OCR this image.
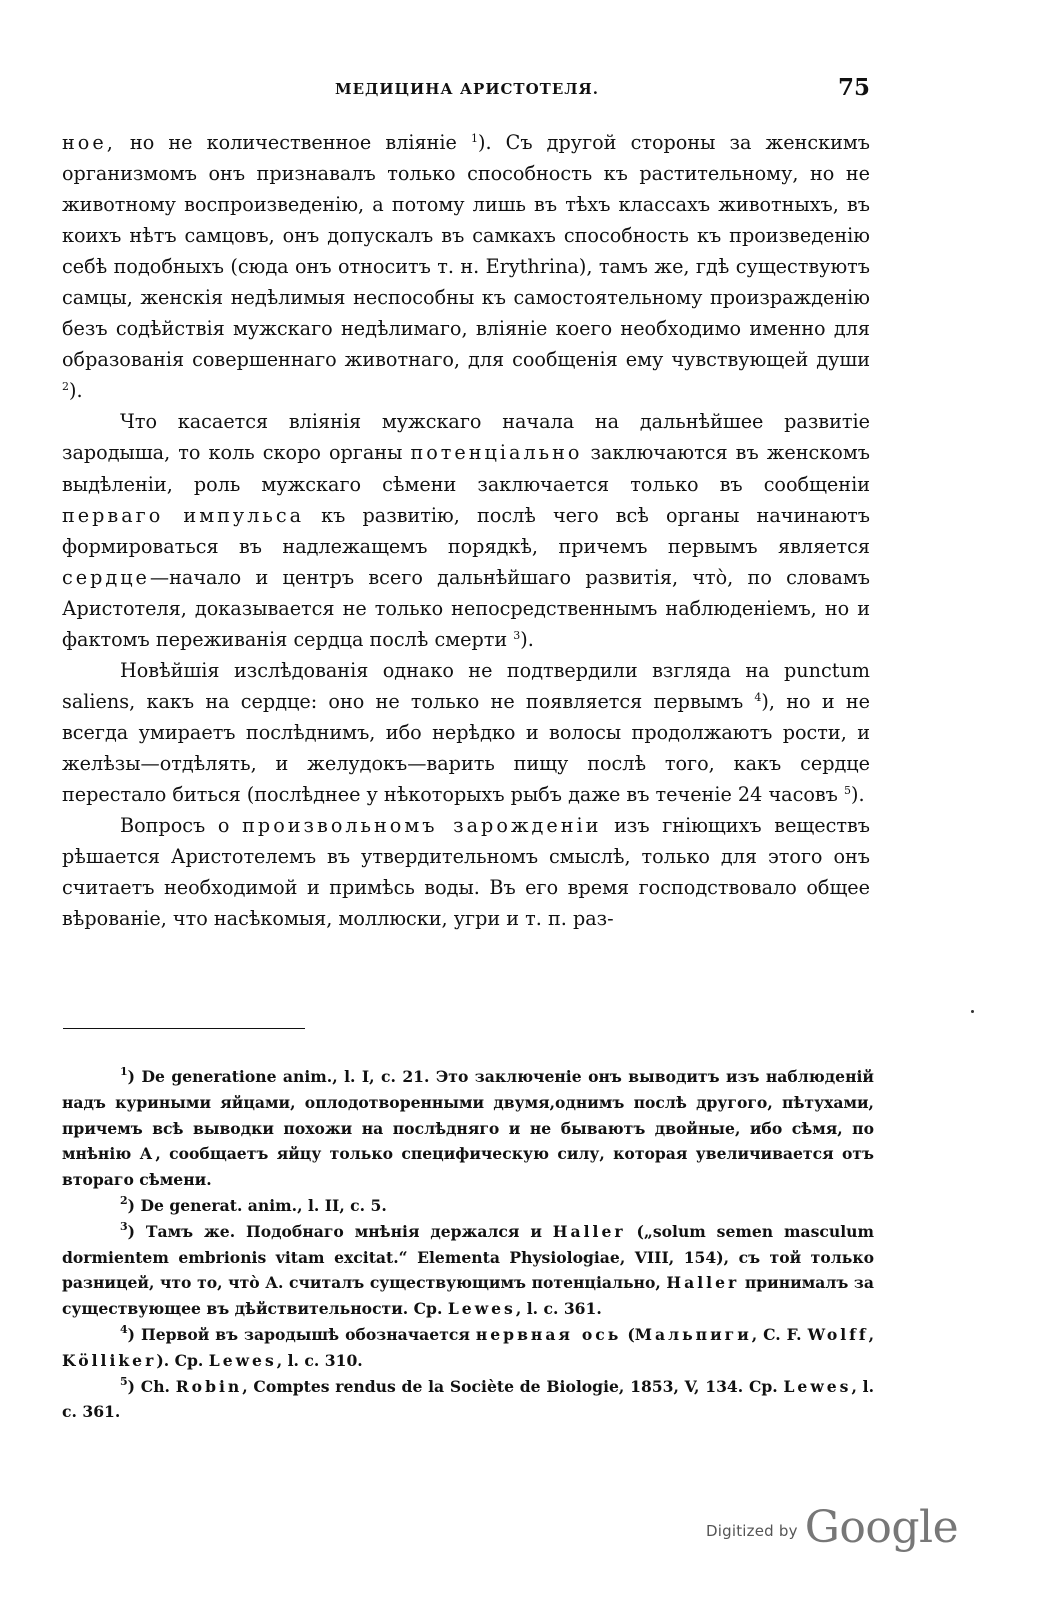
МЕДИЦИНА АРИСТОТЕЛЯ.	75

ное, но не количественное влiянiе $^1$). Съ другой стороны за женскимъ организмомъ онъ признавалъ только способность къ растительному, но не животному воспроизведенiю, а потому лишь въ тѣхъ классахъ животныхъ, въ коихъ нѣтъ самцовъ, онъ допускалъ въ самкахъ способность къ произведенiю себѣ подобныхъ (сюда онъ относитъ т. н. Erythrina), тамъ же, гдѣ существуютъ самцы, женскiя недѣлимыя неспособны къ самостоятельному произражденiю безъ содѣйствiя мужскаго недѣлимаго, влiянiе коего необходимо именно для образованiя совершеннаго животнаго, для сообщенiя ему чувствующей души $^2$).

Что касается влiянiя мужскаго начала на дальнѣйшее развитiе зародыша, то коль скоро органы потенцiально заключаются въ женскомъ выдѣленiи, роль мужскаго сѣмени заключается только въ сообщенiи перваго импульса къ развитiю, послѣ чего всѣ органы начинаютъ формироваться въ надлежащемъ порядкѣ, причемъ первымъ является сердце—начало и центръ всего дальнѣйшаго развитiя, что̀, по словамъ Аристотеля, доказывается не только непосредственнымъ наблюденiемъ, но и фактомъ переживанiя сердца послѣ смерти $^3$).

Новѣйшiя изслѣдованiя однако не подтвердили взгляда на punctum saliens, какъ на сердце: оно не только не появляется первымъ $^4$), но и не всегда умираетъ послѣднимъ, ибо нерѣдко и волосы продолжаютъ рости, и желѣзы—отдѣлять, и желудокъ—варить пищу послѣ того, какъ сердце перестало биться (послѣднее у нѣкоторыхъ рыбъ даже въ теченiе 24 часовъ $^5$).

Вопросъ о произвольномъ зарожденiи изъ гнiющихъ веществъ рѣшается Аристотелемъ въ утвердительномъ смыслѣ, только для этого онъ считаетъ необходимой и примѣсь воды. Въ его время господствовало общее вѣрованiе, что насѣкомыя, моллюски, угри и т. п. раз-

$^1$) De generatione anim., l. I, c. 21. Это заключенiе онъ выводитъ изъ наблюденiй надъ куриными яйцами, оплодотворенными двумя,однимъ послѣ другого, пѣтухами, причемъ всѣ выводки похожи на послѣдняго и не бываютъ двойные, ибо сѣмя, по мнѣнiю А, сообщаетъ яйцу только специфическую силу, которая увеличивается отъ втораго сѣмени.

$^2$) De generat. anim., l. II, c. 5.

$^3$) Тамъ же. Подобнаго мнѣнiя держался и Haller („solum semen masculum dormientem embrionis vitam excitat.“ Elementa Physiologiae, VIII, 154), съ той только разницей, что то, что̀ А. считалъ существующимъ потенцiально, Haller принималъ за существующее въ дѣйствительности. Ср. Lewes, l. c. 361.

$^4$) Первой въ зародышѣ обозначается нервная ось (Мальпиги, C. F. Wolff, Kölliker). Ср. Lewes, l. c. 310.

$^5$) Ch. Robin, Comptes rendus de la Sociète de Biologie, 1853, V, 134. Cp. Lewes, l. c. 361.

Digitized by Google
